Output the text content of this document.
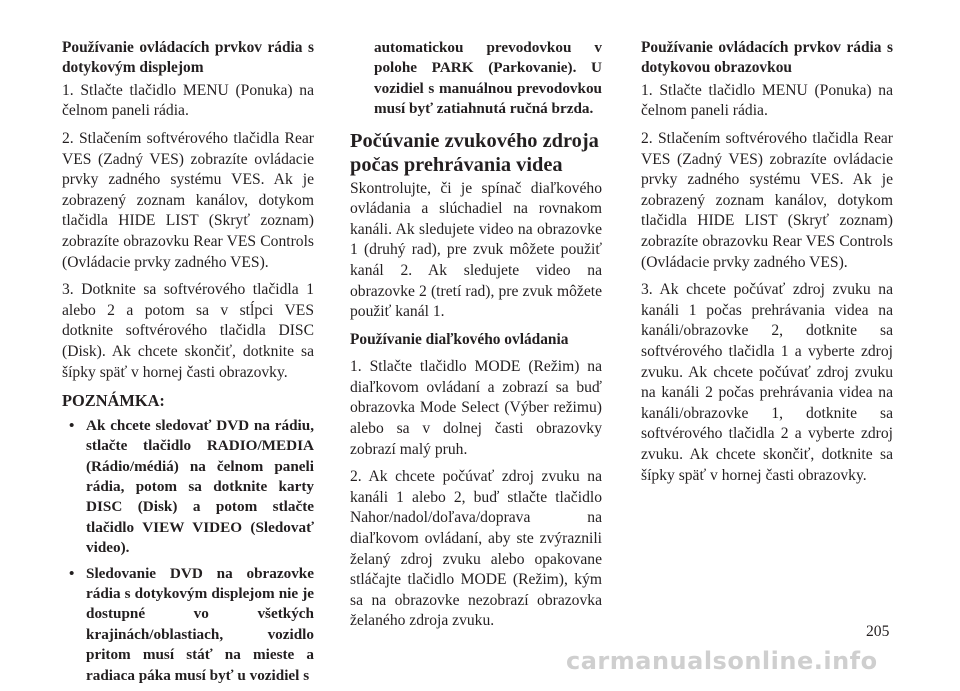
Používanie ovládacích prvkov rádia s dotykovým displejom

1. Stlačte tlačidlo MENU (Ponuka) na čelnom paneli rádia.

2. Stlačením softvérového tlačidla Rear VES (Zadný VES) zobrazíte ovládacie prvky zadného systému VES. Ak je zobrazený zoznam kanálov, dotykom tlačidla HIDE LIST (Skryť zoznam) zobrazíte obrazovku Rear VES Controls (Ovládacie prvky zadného VES).

3. Dotknite sa softvérového tlačidla 1 alebo 2 a potom sa v stĺpci VES dotknite softvérového tlačidla DISC (Disk). Ak chcete skončiť, dotknite sa šípky späť v hornej časti obrazovky.

POZNÁMKA:

• Ak chcete sledovať DVD na rádiu, stlačte tlačidlo RADIO/MEDIA (Rádio/médiá) na čelnom paneli rádia, potom sa dotknite karty DISC (Disk) a potom stlačte tlačidlo VIEW VIDEO (Sledovať video).
• Sledovanie DVD na obrazovke rádia s dotykovým displejom nie je dostupné vo všetkých krajinách/oblastiach, vozidlo pritom musí stáť na mieste a radiaca páka musí byť u vozidiel s

automatickou prevodovkou v polohe PARK (Parkovanie). U vozidiel s manuálnou prevodovkou musí byť zatiahnutá ručná brzda.

Počúvanie zvukového zdroja počas prehrávania videa

Skontrolujte, či je spínač diaľkového ovládania a slúchadiel na rovnakom kanáli. Ak sledujete video na obrazovke 1 (druhý rad), pre zvuk môžete použiť kanál 2. Ak sledujete video na obrazovke 2 (tretí rad), pre zvuk môžete použiť kanál 1.

Používanie diaľkového ovládania

1. Stlačte tlačidlo MODE (Režim) na diaľkovom ovládaní a zobrazí sa buď obrazovka Mode Select (Výber režimu) alebo sa v dolnej časti obrazovky zobrazí malý pruh.

2. Ak chcete počúvať zdroj zvuku na kanáli 1 alebo 2, buď stlačte tlačidlo Nahor/nadol/doľava/doprava na diaľkovom ovládaní, aby ste zvýraznili želaný zdroj zvuku alebo opakovane stláčajte tlačidlo MODE (Režim), kým sa na obrazovke nezobrazí obrazovka želaného zdroja zvuku.

Používanie ovládacích prvkov rádia s dotykovou obrazovkou

1. Stlačte tlačidlo MENU (Ponuka) na čelnom paneli rádia.

2. Stlačením softvérového tlačidla Rear VES (Zadný VES) zobrazíte ovládacie prvky zadného systému VES. Ak je zobrazený zoznam kanálov, dotykom tlačidla HIDE LIST (Skryť zoznam) zobrazíte obrazovku Rear VES Controls (Ovládacie prvky zadného VES).

3. Ak chcete počúvať zdroj zvuku na kanáli 1 počas prehrávania videa na kanáli/obrazovke 2, dotknite sa softvérového tlačidla 1 a vyberte zdroj zvuku. Ak chcete počúvať zdroj zvuku na kanáli 2 počas prehrávania videa na kanáli/obrazovke 1, dotknite sa softvérového tlačidla 2 a vyberte zdroj zvuku. Ak chcete skončiť, dotknite sa šípky späť v hornej časti obrazovky.

205
carmanualsonline.info
